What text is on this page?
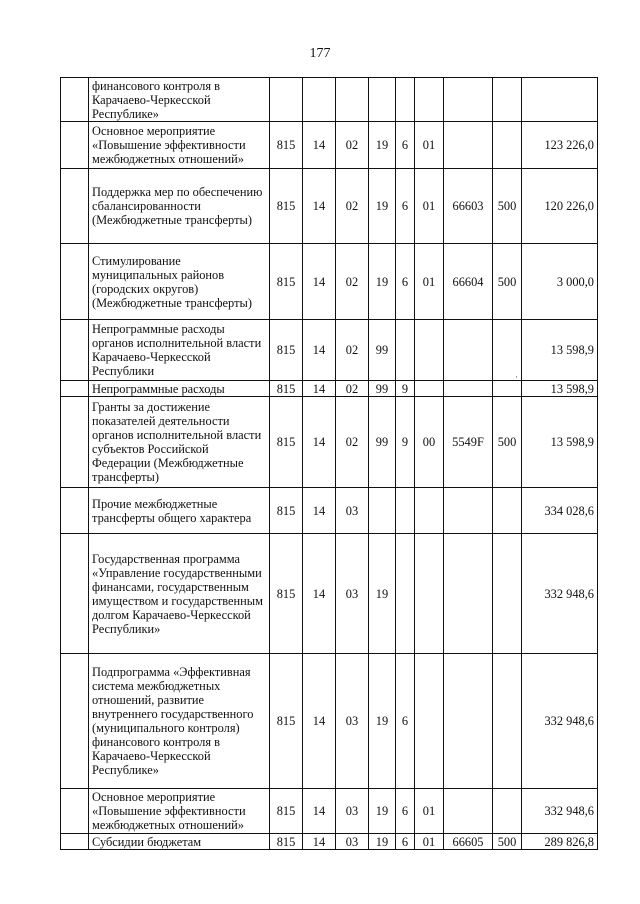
177
	финансового контроля в Карачаево-Черкесской Республике»									
	Основное мероприятие «Повышение эффективности межбюджетных отношений»	815	14	02	19	6	01			123 226,0
	Поддержка мер по обеспечению сбалансированности (Межбюджетные трансферты)	815	14	02	19	6	01	66603	500	120 226,0
	Стимулирование муниципальных районов (городских округов) (Межбюджетные трансферты)	815	14	02	19	6	01	66604	500	3 000,0
	Непрограммные расходы органов исполнительной власти Карачаево-Черкесской Республики	815	14	02	99					13 598,9
	Непрограммные расходы	815	14	02	99	9				13 598,9
	Гранты за достижение показателей деятельности органов исполнительной власти субъектов Российской Федерации (Межбюджетные трансферты)	815	14	02	99	9	00	5549F	500	13 598,9
	Прочие межбюджетные трансферты общего характера	815	14	03						334 028,6
	Государственная программа «Управление государственными финансами, государственным имуществом и государственным долгом Карачаево-Черкесской Республики»	815	14	03	19					332 948,6
	Подпрограмма «Эффективная система межбюджетных отношений, развитие внутреннего государственного (муниципального контроля) финансового контроля в Карачаево-Черкесской Республике»	815	14	03	19	6				332 948,6
	Основное мероприятие «Повышение эффективности межбюджетных отношений»	815	14	03	19	6	01			332 948,6
	Субсидии бюджетам	815	14	03	19	6	01	66605	500	289 826,8
·
